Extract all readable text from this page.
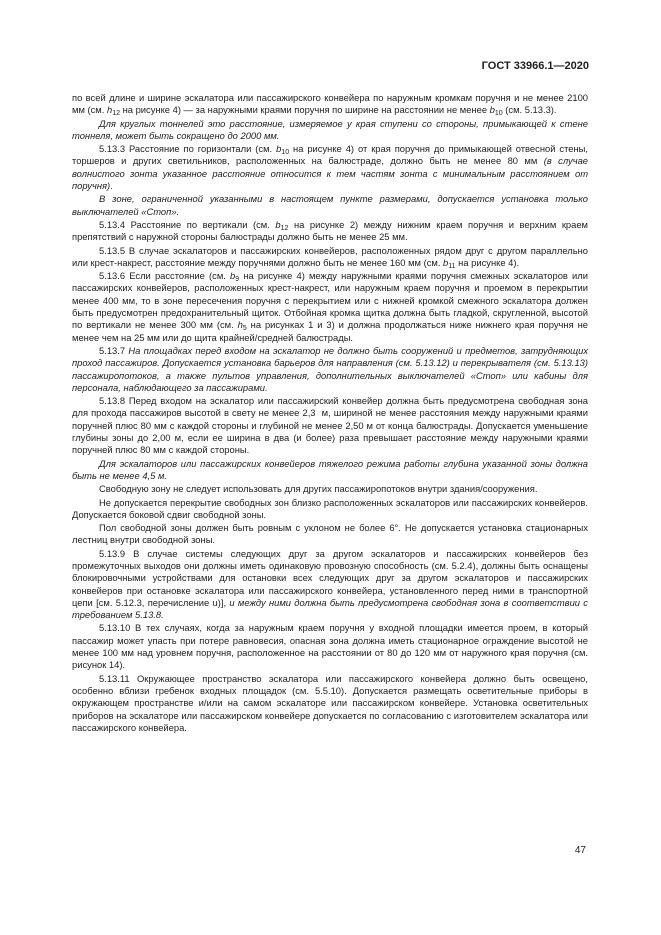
ГОСТ 33966.1—2020

по всей длине и ширине эскалатора или пассажирского конвейера по наружным кромкам поручня и не менее 2100 мм (см. $h_{12}$ на рисунке 4) — за наружными краями поручня по ширине на расстоянии не менее $b_{10}$ (см. 5.13.3).

Для круглых тоннелей это расстояние, измеряемое у края ступени со стороны, примыкающей к стене тоннеля, может быть сокращено до 2000 мм.

5.13.3 Расстояние по горизонтали (см. $b_{10}$ на рисунке 4) от края поручня до примыкающей отвесной стены, торшеров и других светильников, расположенных на балюстраде, должно быть не менее 80 мм (в случае волнистого зонта указанное расстояние относится к тем частям зонта с минимальным расстоянием от поручня).

В зоне, ограниченной указанными в настоящем пункте размерами, допускается установка только выключателей «Стоп».

5.13.4 Расстояние по вертикали (см. $b_{12}$ на рисунке 2) между нижним краем поручня и верхним краем препятствий с наружной стороны балюстрады должно быть не менее 25 мм.

5.13.5 В случае эскалаторов и пассажирских конвейеров, расположенных рядом друг с другом параллельно или крест-накрест, расстояние между поручнями должно быть не менее 160 мм (см. $b_{11}$ на рисунке 4).

5.13.6 Если расстояние (см. $b_9$ на рисунке 4) между наружными краями поручня смежных эскалаторов или пассажирских конвейеров, расположенных крест-накрест, или наружным краем поручня и проемом в перекрытии менее 400 мм, то в зоне пересечения поручня с перекрытием или с нижней кромкой смежного эскалатора должен быть предусмотрен предохранительный щиток. Отбойная кромка щитка должна быть гладкой, скругленной, высотой по вертикали не менее 300 мм (см. $h_5$ на рисунках 1 и 3) и должна продолжаться ниже нижнего края поручня не менее чем на 25 мм или до щита крайней/средней балюстрады.

5.13.7 На площадках перед входом на эскалатор не должно быть сооружений и предметов, затрудняющих проход пассажиров. Допускается установка барьеров для направления (см. 5.13.12) и перекрывателя (см. 5.13.13) пассажиропотоков, а также пультов управления, дополнительных выключателей «Стоп» или кабины для персонала, наблюдающего за пассажирами.

5.13.8 Перед входом на эскалатор или пассажирский конвейер должна быть предусмотрена свободная зона для прохода пассажиров высотой в свету не менее 2,3  м, шириной не менее расстояния между наружными краями поручней плюс 80 мм с каждой стороны и глубиной не менее 2,50 м от конца балюстрады. Допускается уменьшение глубины зоны до 2,00 м, если ее ширина в два (и более) раза превышает расстояние между наружными краями поручней плюс 80 мм с каждой стороны.

Для эскалаторов или пассажирских конвейеров тяжелого режима работы глубина указанной зоны должна быть не менее 4,5 м.

Свободную зону не следует использовать для других пассажиропотоков внутри здания/сооружения.

Не допускается перекрытие свободных зон близко расположенных эскалаторов или пассажирских конвейеров. Допускается боковой сдвиг свободной зоны.

Пол свободной зоны должен быть ровным с уклоном не более 6°. Не допускается установка стационарных лестниц внутри свободной зоны.

5.13.9 В случае системы следующих друг за другом эскалаторов и пассажирских конвейеров без промежуточных выходов они должны иметь одинаковую провозную способность (см. 5.2.4), должны быть оснащены блокировочными устройствами для остановки всех следующих друг за другом эскалаторов и пассажирских конвейеров при остановке эскалатора или пассажирского конвейера, установленного перед ними в транспортной цепи [см. 5.12.3, перечисление u)], и между ними должна быть предусмотрена свободная зона в соответствии с требованием 5.13.8.

5.13.10 В тех случаях, когда за наружным краем поручня у входной площадки имеется проем, в который пассажир может упасть при потере равновесия, опасная зона должна иметь стационарное ограждение высотой не менее 100 мм над уровнем поручня, расположенное на расстоянии от 80 до 120 мм от наружного края поручня (см. рисунок 14).

5.13.11 Окружающее пространство эскалатора или пассажирского конвейера должно быть освещено, особенно вблизи гребенок входных площадок (см. 5.5.10). Допускается размещать осветительные приборы в окружающем пространстве и/или на самом эскалаторе или пассажирском конвейере. Установка осветительных приборов на эскалаторе или пассажирском конвейере допускается по согласованию с изготовителем эскалатора или пассажирского конвейера.

47
